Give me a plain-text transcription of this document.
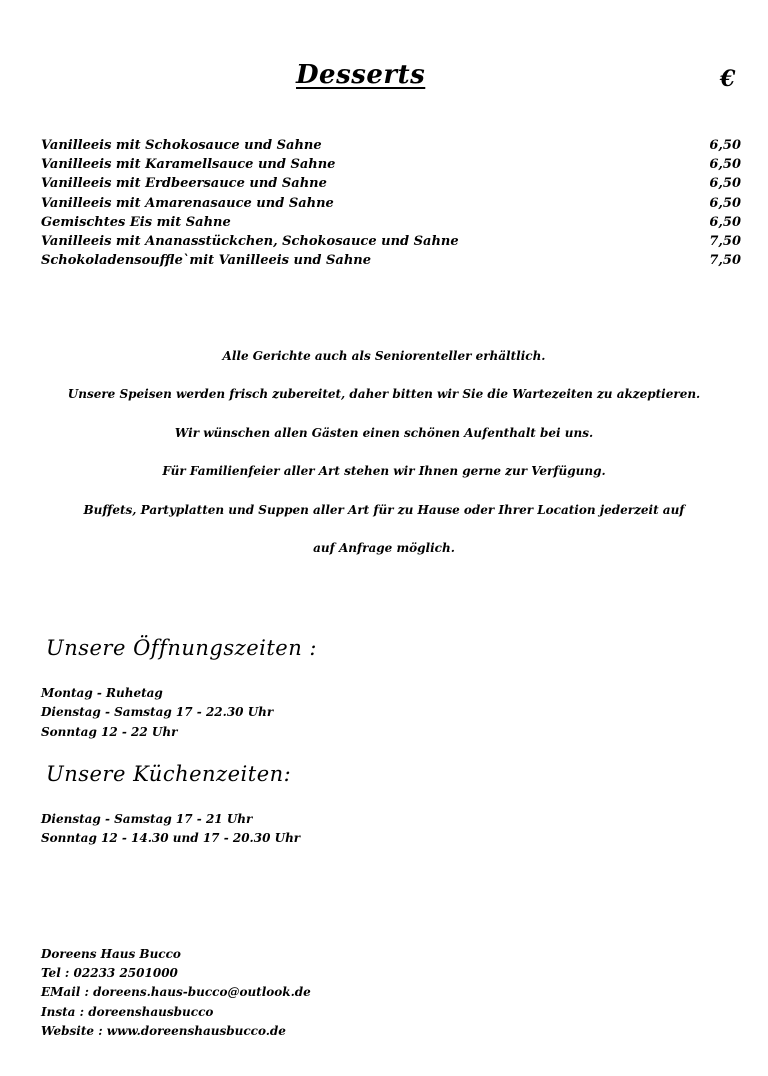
Desserts	€
Vanilleeis mit Schokosauce und Sahne	6,50
Vanilleeis mit Karamellsauce und Sahne	6,50
Vanilleeis mit Erdbeersauce und Sahne	6,50
Vanilleeis mit Amarenasauce und Sahne	6,50
Gemischtes Eis mit Sahne	6,50
Vanilleeis mit Ananasstückchen, Schokosauce und Sahne	7,50
Schokoladensouffle`mit Vanilleeis und Sahne	7,50
Alle Gerichte auch als Seniorenteller erhältlich.
Unsere Speisen werden frisch zubereitet, daher bitten wir Sie die Wartezeiten zu akzeptieren.
Wir wünschen allen Gästen einen schönen Aufenthalt bei uns.
Für Familienfeier aller Art stehen wir Ihnen gerne zur Verfügung.
Buffets, Partyplatten und Suppen aller Art für zu Hause oder Ihrer Location jederzeit auf
auf Anfrage möglich.
Unsere Öffnungszeiten :
Montag - Ruhetag
Dienstag - Samstag 17 - 22.30 Uhr
Sonntag 12 - 22 Uhr
Unsere Küchenzeiten:
Dienstag - Samstag 17 - 21 Uhr
Sonntag 12 - 14.30 und 17 - 20.30 Uhr
Doreens Haus Bucco
Tel : 02233 2501000
EMail : doreens.haus-bucco@outlook.de
Insta : doreenshausbucco
Website : www.doreenshausbucco.de
